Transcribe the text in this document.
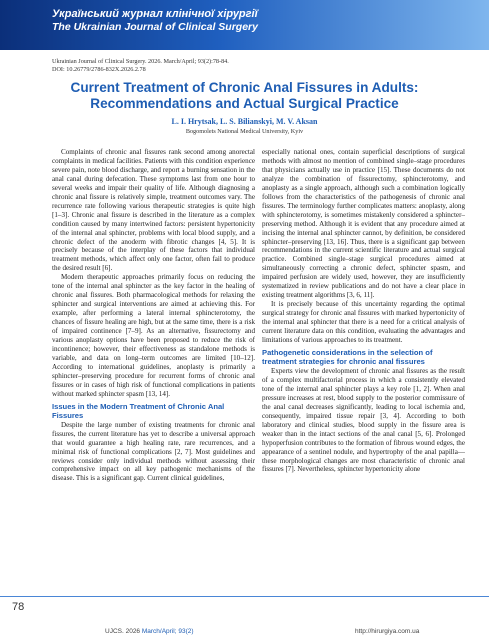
Український журнал клінічної хірургії
The Ukrainian Journal of Clinical Surgery
Ukrainian Journal of Clinical Surgery. 2026. March/April; 93(2):78-84.
DOI: 10.26779/2786-832X.2026.2.78
Current Treatment of Chronic Anal Fissures in Adults:
Recommendations and Actual Surgical Practice
L. I. Hrytsak, L. S. Bilianskyi, M. V. Aksan
Bogomolets National Medical University, Kyiv

Complaints of chronic anal fissures rank second among anorectal complaints in medical facilities. Patients with this condition experience severe pain, note blood discharge, and report a burning sensation in the anal canal during defecation. These symptoms last from one hour to several weeks and impair their quality of life. Although diagnosing a chronic anal fissure is relatively simple, treatment outcomes vary. The recurrence rate following various therapeutic strategies is quite high [1–3]. Chronic anal fissure is described in the literature as a complex condition caused by many intertwined factors: persistent hypertonicity of the internal anal sphincter, problems with local blood supply, and a chronic defect of the anoderm with fibrotic changes [4, 5]. It is precisely because of the interplay of these factors that individual treatment methods, which affect only one factor, often fail to produce the desired result [6].

Modern therapeutic approaches primarily focus on reducing the tone of the internal anal sphincter as the key factor in the healing of chronic anal fissures. Both pharmacological methods for relaxing the sphincter and surgical interventions are aimed at achieving this. For example, after performing a lateral internal sphincterotomy, the chances of fissure healing are high, but at the same time, there is a risk of impaired continence [7–9]. As an alternative, fissurectomy and various anoplasty options have been proposed to reduce the risk of incontinence; however, their effectiveness as standalone methods is variable, and data on long–term outcomes are limited [10–12]. According to international guidelines, anoplasty is primarily a sphincter–preserving procedure for recurrent forms of chronic anal fissures or in cases of high risk of functional complications in patients without marked sphincter spasm [13, 14].

Issues in the Modern Treatment of Chronic Anal Fissures

Despite the large number of existing treatments for chronic anal fissures, the current literature has yet to describe a universal approach that would guarantee a high healing rate, rare recurrences, and a minimal risk of functional complications [2, 7]. Most guidelines and reviews consider only individual methods without assessing their comprehensive impact on all key pathogenic mechanisms of the disease. This is a significant gap. Current clinical guidelines,

especially national ones, contain superficial descriptions of surgical methods with almost no mention of combined single–stage procedures that physicians actually use in practice [15]. These documents do not analyze the combination of fissurectomy, sphincterotomy, and anoplasty as a single approach, although such a combination logically follows from the characteristics of the pathogenesis of chronic anal fissures. The terminology further complicates matters: anoplasty, along with sphincterotomy, is sometimes mistakenly considered a sphincter–preserving method. Although it is evident that any procedure aimed at incising the internal anal sphincter cannot, by definition, be considered sphincter–preserving [13, 16]. Thus, there is a significant gap between recommendations in the current scientific literature and actual surgical practice. Combined single–stage surgical procedures aimed at simultaneously correcting a chronic defect, sphincter spasm, and impaired perfusion are widely used, however, they are insufficiently systematized in review publications and do not have a clear place in existing treatment algorithms [3, 6, 11].

It is precisely because of this uncertainty regarding the optimal surgical strategy for chronic anal fissures with marked hypertonicity of the internal anal sphincter that there is a need for a critical analysis of current literature data on this condition, evaluating the advantages and limitations of various approaches to its treatment.

Pathogenetic considerations in the selection of treatment strategies for chronic anal fissures

Experts view the development of chronic anal fissures as the result of a complex multifactorial process in which a consistently elevated tone of the internal anal sphincter plays a key role [1, 2]. When anal pressure increases at rest, blood supply to the posterior commissure of the anal canal decreases significantly, leading to local ischemia and, consequently, impaired tissue repair [3, 4]. According to both laboratory and clinical studies, blood supply in the fissure area is weaker than in the intact sections of the anal canal [5, 6]. Prolonged hypoperfusion contributes to the formation of fibrous wound edges, the appearance of a sentinel nodule, and hypertrophy of the anal papilla—these morphological changes are most characteristic of chronic anal fissures [7]. Nevertheless, sphincter hypertonicity alone

78
UJCS. 2026 March/April; 93(2)	http://hirurgiya.com.ua
